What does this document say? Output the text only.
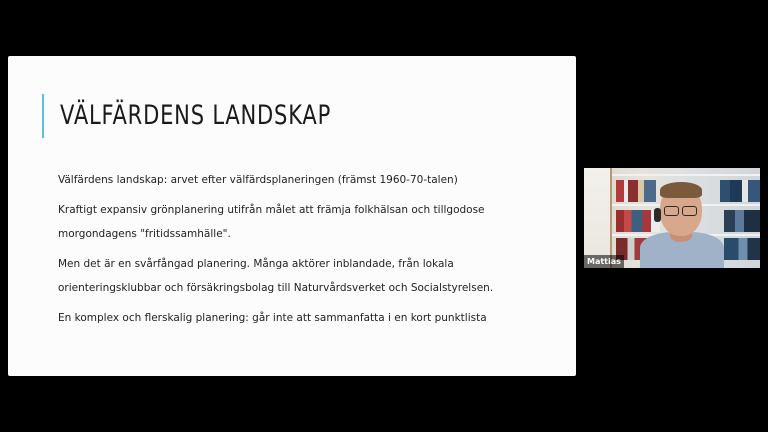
VÄLFÄRDENS LANDSKAP
Välfärdens landskap: arvet efter välfärdsplaneringen (främst 1960-70-talen)
Kraftigt expansiv grönplanering utifrån målet att främja folkhälsan och tillgodose morgondagens "fritidssamhälle".
Men det är en svårfångad planering. Många aktörer inblandade, från lokala orienteringsklubbar och försäkringsbolag till Naturvårdsverket och Socialstyrelsen.
En komplex och flerskalig planering: går inte att sammanfatta i en kort punktlista
Mattias
